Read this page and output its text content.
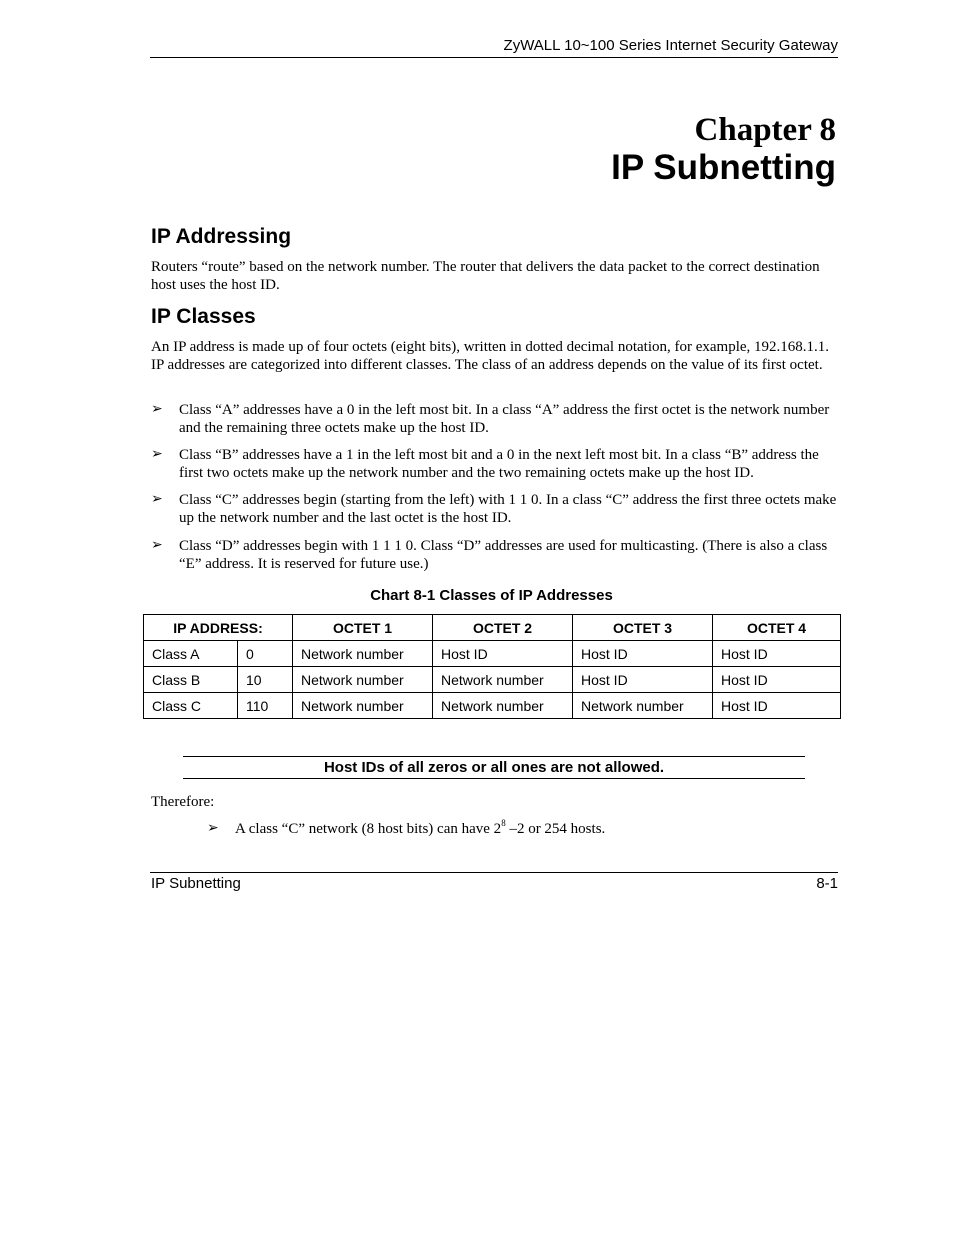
ZyWALL 10~100 Series Internet Security Gateway
Chapter 8
IP Subnetting
IP Addressing
Routers “route” based on the network number. The router that delivers the data packet to the correct destination host uses the host ID.
IP Classes
An IP address is made up of four octets (eight bits), written in dotted decimal notation, for example, 192.168.1.1. IP addresses are categorized into different classes. The class of an address depends on the value of its first octet.
➢ Class “A” addresses have a 0 in the left most bit. In a class “A” address the first octet is the network number and the remaining three octets make up the host ID.
➢ Class “B” addresses have a 1 in the left most bit and a 0 in the next left most bit. In a class “B” address the first two octets make up the network number and the two remaining octets make up the host ID.
➢ Class “C” addresses begin (starting from the left) with 1 1 0. In a class “C” address the first three octets make up the network number and the last octet is the host ID.
➢ Class “D” addresses begin with 1 1 1 0. Class “D” addresses are used for multicasting. (There is also a class “E” address. It is reserved for future use.)
Chart 8-1 Classes of IP Addresses
IP ADDRESS:		OCTET 1	OCTET 2	OCTET 3	OCTET 4
Class A	0	Network number	Host ID	Host ID	Host ID
Class B	10	Network number	Network number	Host ID	Host ID
Class C	110	Network number	Network number	Network number	Host ID
Host IDs of all zeros or all ones are not allowed.
Therefore:
➢ A class “C” network (8 host bits) can have $2^8$ –2 or 254 hosts.
IP Subnetting	8-1
